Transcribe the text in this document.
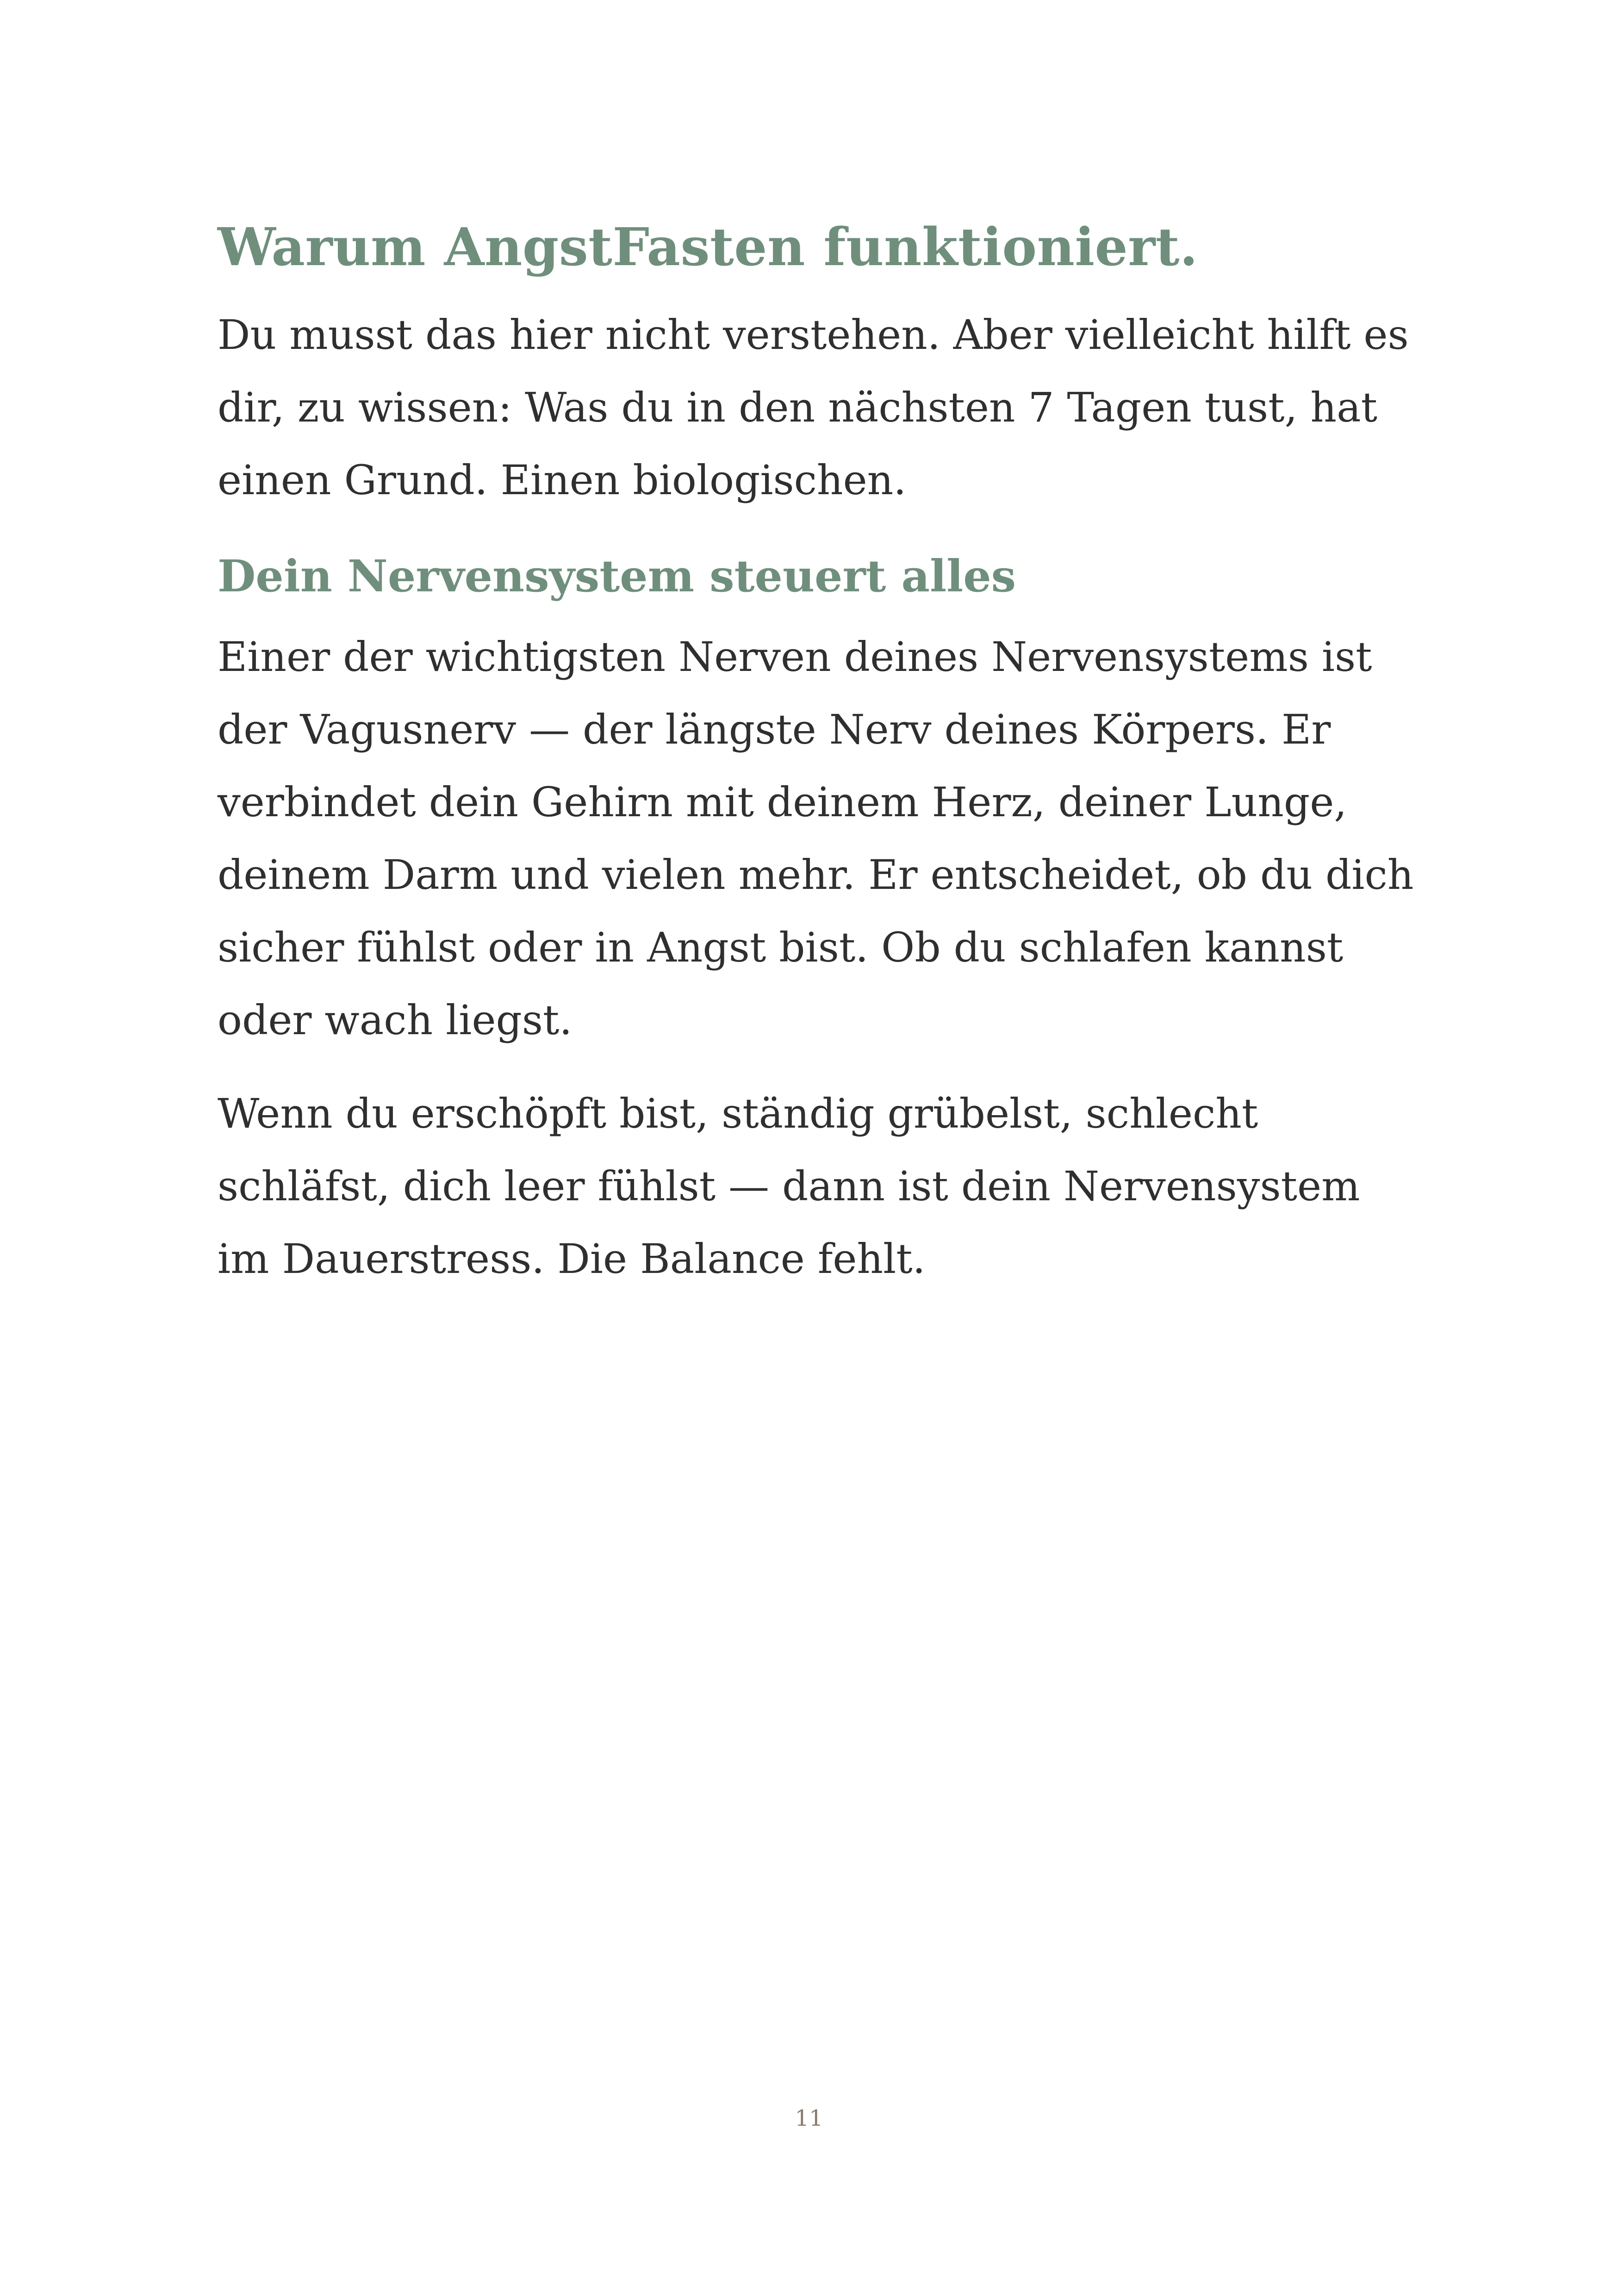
Warum AngstFasten funktioniert.

Du musst das hier nicht verstehen. Aber vielleicht hilft es dir, zu wissen: Was du in den nächsten 7 Tagen tust, hat einen Grund. Einen biologischen.

Dein Nervensystem steuert alles

Einer der wichtigsten Nerven deines Nervensystems ist der Vagusnerv — der längste Nerv deines Körpers. Er verbindet dein Gehirn mit deinem Herz, deiner Lunge, deinem Darm und vielen mehr. Er entscheidet, ob du dich sicher fühlst oder in Angst bist. Ob du schlafen kannst oder wach liegst.

Wenn du erschöpft bist, ständig grübelst, schlecht schläfst, dich leer fühlst — dann ist dein Nervensystem im Dauerstress. Die Balance fehlt.

11
